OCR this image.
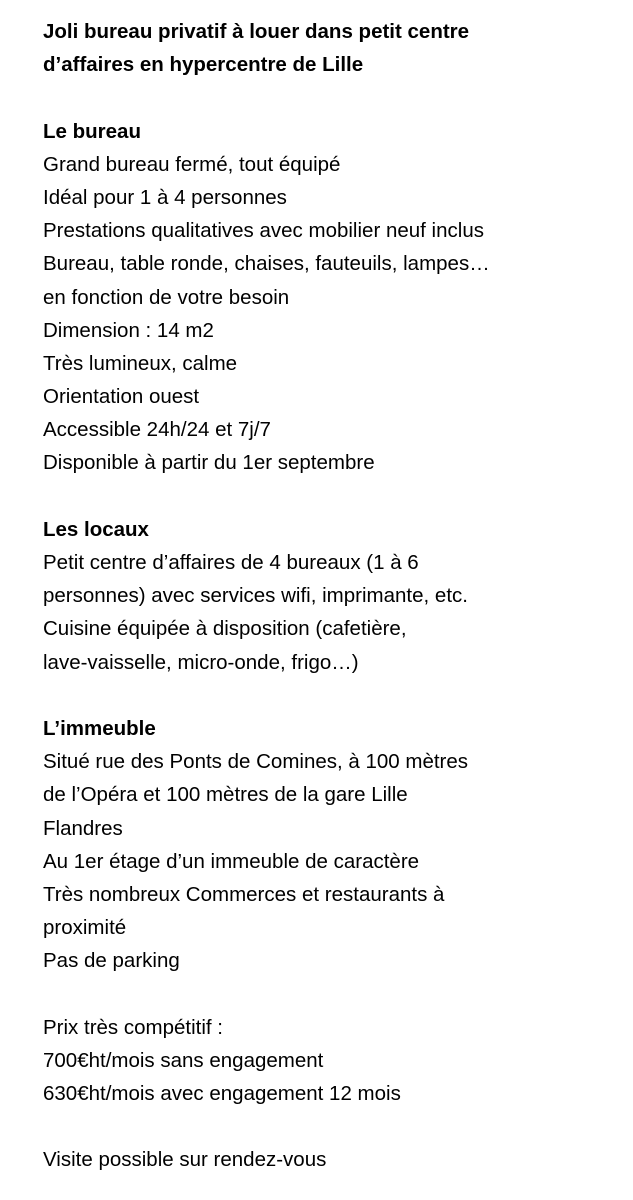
Joli bureau privatif à louer dans petit centre

d’affaires en hypercentre de Lille

Le bureau

Grand bureau fermé, tout équipé

Idéal pour 1 à 4 personnes

Prestations qualitatives avec mobilier neuf inclus

Bureau, table ronde, chaises, fauteuils, lampes…

en fonction de votre besoin

Dimension : 14 m2

Très lumineux, calme

Orientation ouest

Accessible 24h/24 et 7j/7

Disponible à partir du 1er septembre

Les locaux

Petit centre d’affaires de 4 bureaux (1 à 6

personnes) avec services wifi, imprimante, etc.

Cuisine équipée à disposition (cafetière,

lave-vaisselle, micro-onde, frigo…)

L’immeuble

Situé rue des Ponts de Comines, à 100 mètres

de l’Opéra et 100 mètres de la gare Lille

Flandres

Au 1er étage d’un immeuble de caractère

Très nombreux Commerces et restaurants à

proximité

Pas de parking

Prix très compétitif :

700€ht/mois sans engagement

630€ht/mois avec engagement 12 mois

Visite possible sur rendez-vous
